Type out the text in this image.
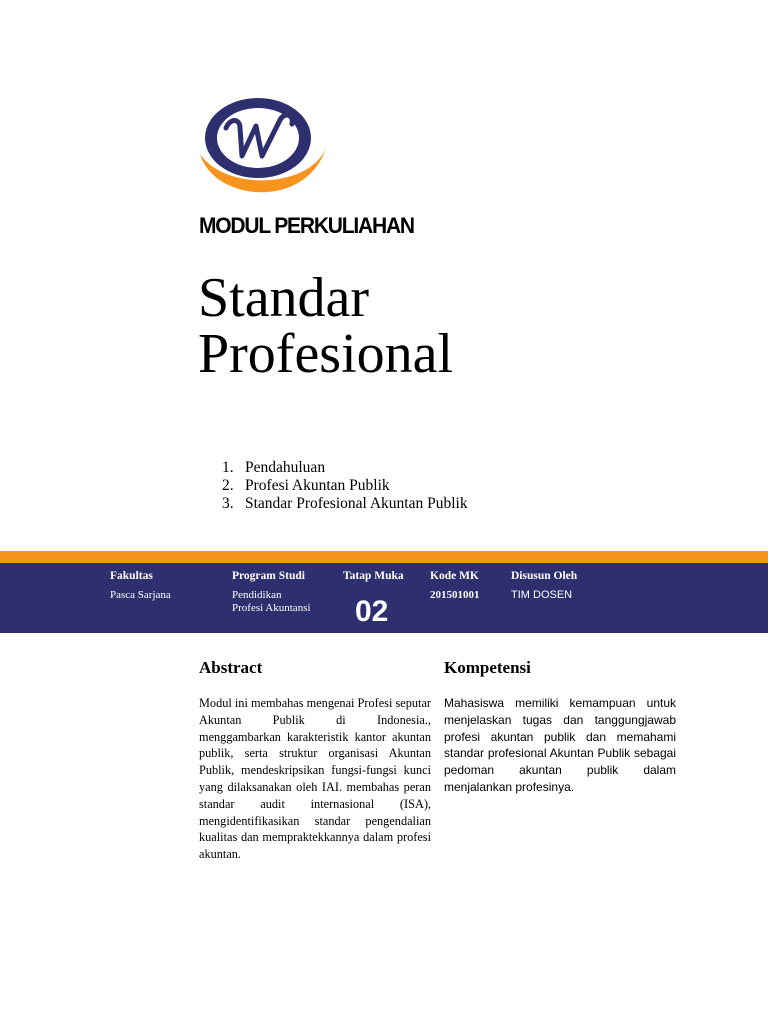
MODUL PERKULIAHAN
Standar
Profesional
1. Pendahuluan
2. Profesi Akuntan Publik
3. Standar Profesional Akuntan Publik
Fakultas
Pasca Sarjana
Program Studi
Pendidikan
Profesi Akuntansi
Tatap Muka
02
Kode MK
201501001
Disusun Oleh
TIM DOSEN
Abstract

Modul ini membahas mengenai Profesi seputar Akuntan Publik di Indonesia., menggambarkan karakteristik kantor akuntan publik, serta struktur organisasi Akuntan Publik, mendeskripsikan fungsi-fungsi kunci yang dilaksanakan oleh IAI. membahas peran standar audit internasional (ISA), mengidentifikasikan standar pengendalian kualitas dan mempraktekkannya dalam profesi akuntan.

Kompetensi

Mahasiswa memiliki kemampuan untuk menjelaskan tugas dan tanggungjawab profesi akuntan publik dan memahami standar profesional Akuntan Publik sebagai pedoman akuntan publik dalam menjalankan profesinya.
